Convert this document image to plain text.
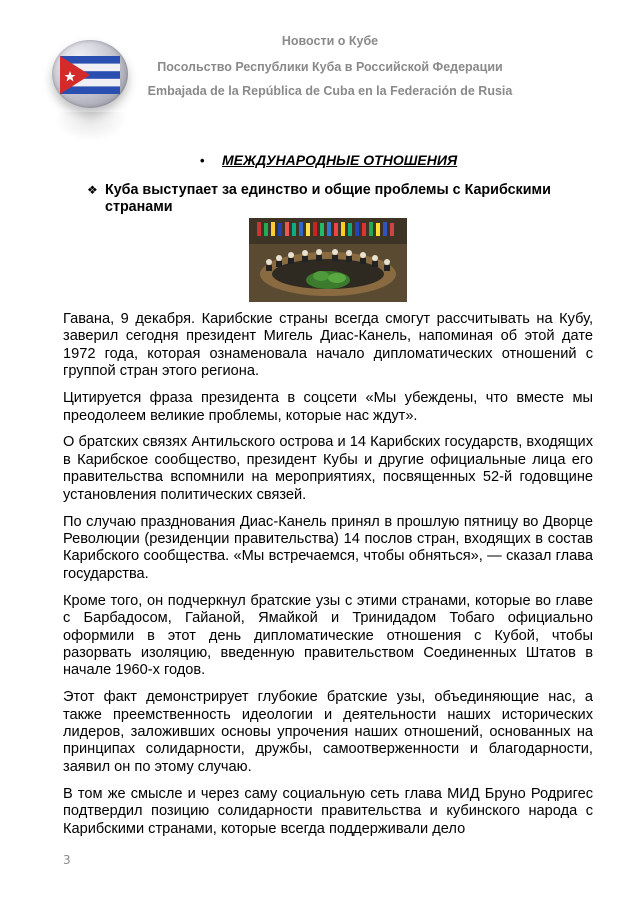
Новости о Кубе
Посольство Республики Куба в Российской Федерации
Embajada de la República de Cuba en la Federación de Rusia
• МЕЖДУНАРОДНЫЕ ОТНОШЕНИЯ
❖ Куба выступает за единство и общие проблемы с Карибскими странами

Гавана, 9 декабря. Карибские страны всегда смогут рассчитывать на Кубу, заверил сегодня президент Мигель Диас-Канель, напоминая об этой дате 1972 года, которая ознаменовала начало дипломатических отношений с группой стран этого региона.

Цитируется фраза президента в соцсети «Мы убеждены, что вместе мы преодолеем великие проблемы, которые нас ждут».

О братских связях Антильского острова и 14 Карибских государств, входящих в Карибское сообщество, президент Кубы и другие официальные лица его правительства вспомнили на мероприятиях, посвященных 52-й годовщине установления политических связей.

По случаю празднования Диас-Канель принял в прошлую пятницу во Дворце Революции (резиденции правительства) 14 послов стран, входящих в состав Карибского сообщества. «Мы встречаемся, чтобы обняться», — сказал глава государства.

Кроме того, он подчеркнул братские узы с этими странами, которые во главе с Барбадосом, Гайаной, Ямайкой и Тринидадом Тобаго официально оформили в этот день дипломатические отношения с Кубой, чтобы разорвать изоляцию, введенную правительством Соединенных Штатов в начале 1960-х годов.

Этот факт демонстрирует глубокие братские узы, объединяющие нас, а также преемственность идеологии и деятельности наших исторических лидеров, заложивших основы упрочения наших отношений, основанных на принципах солидарности, дружбы, самоотверженности и благодарности, заявил он по этому случаю.

В том же смысле и через саму социальную сеть глава МИД Бруно Родригес подтвердил позицию солидарности правительства и кубинского народа с Карибскими странами, которые всегда поддерживали дело

3
